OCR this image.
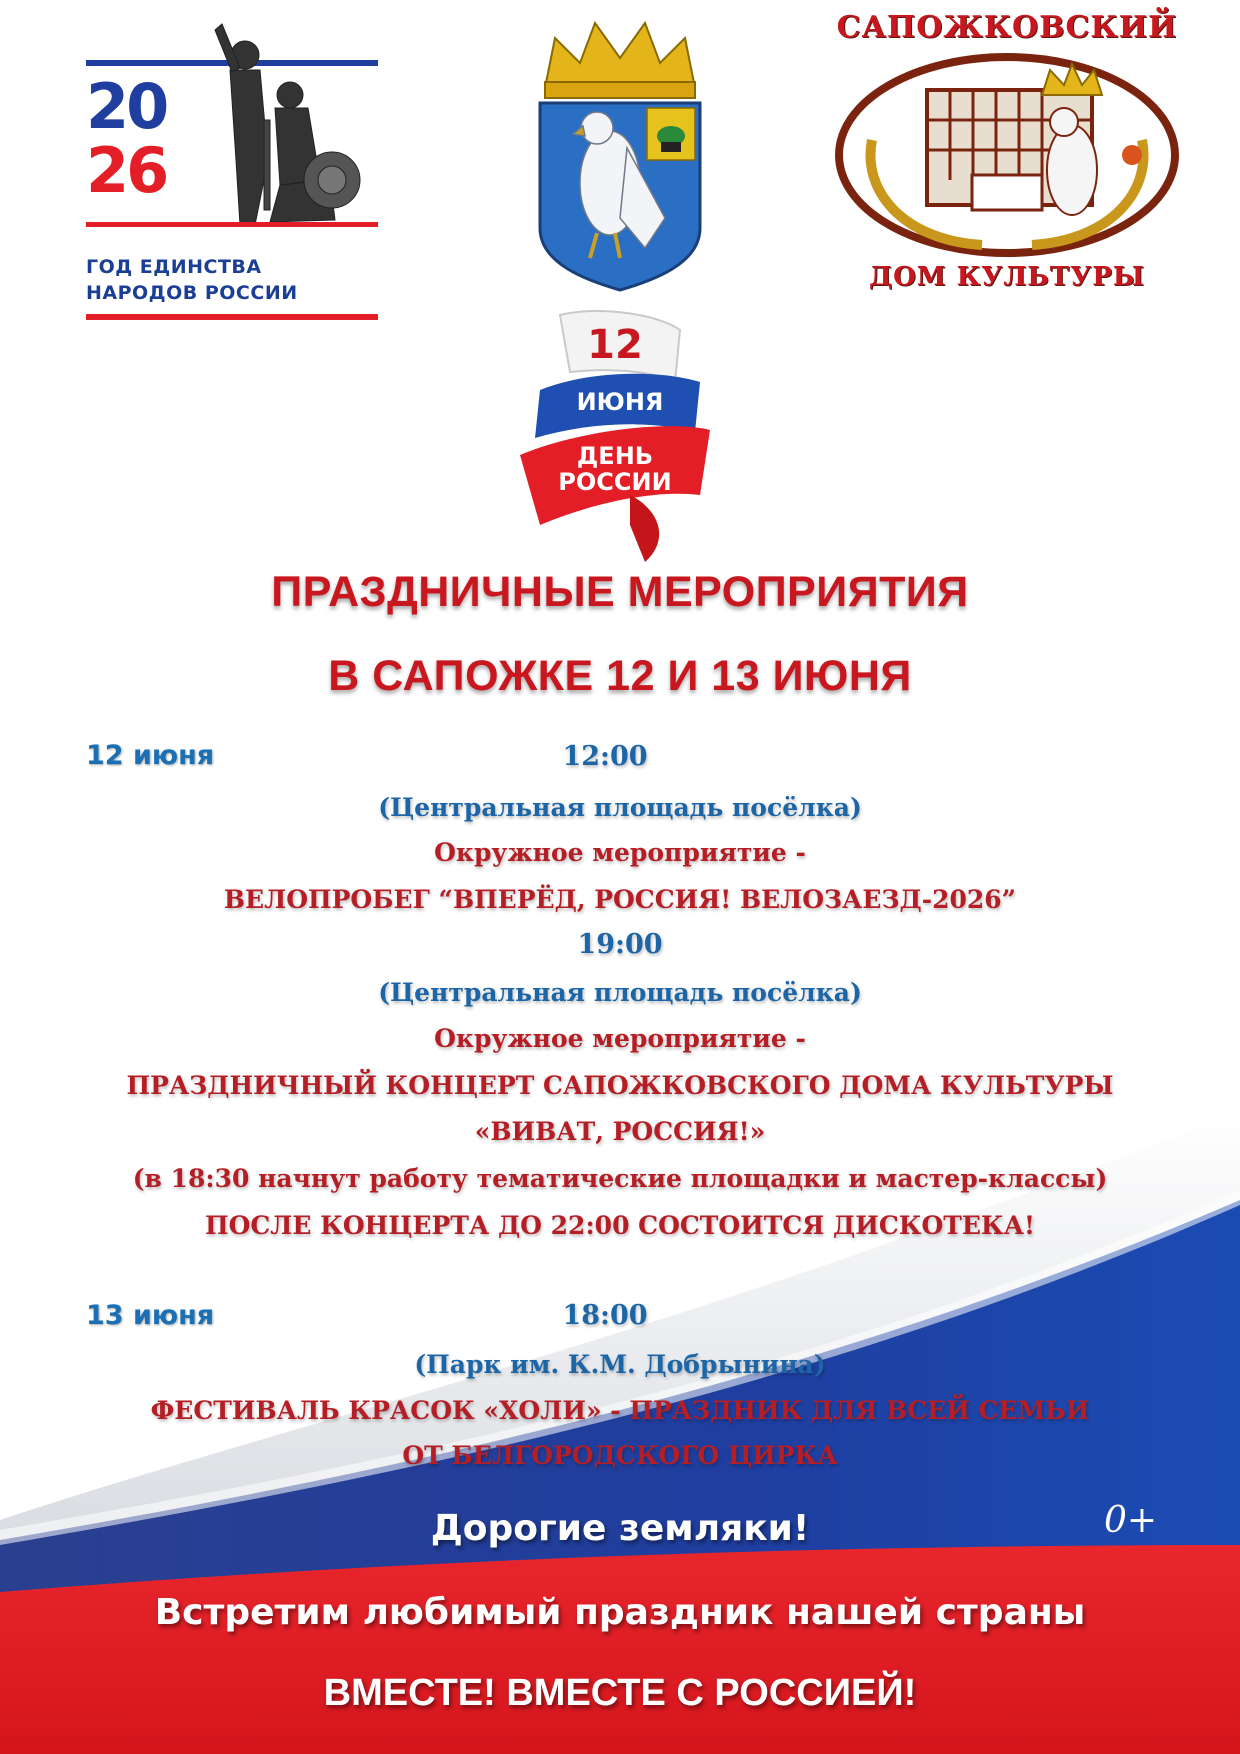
20
26
ГОД ЕДИНСТВА
НАРОДОВ РОССИИ
САПОЖКОВСКИЙ
ДОМ КУЛЬТУРЫ
12
ИЮНЯ
ДЕНЬ
РОССИИ
ПРАЗДНИЧНЫЕ МЕРОПРИЯТИЯ
В САПОЖКЕ 12 И 13 ИЮНЯ
12 июня	12:00
(Центральная площадь посёлка)
Окружное мероприятие -
ВЕЛОПРОБЕГ “ВПЕРЁД, РОССИЯ! ВЕЛОЗАЕЗД-2026”
19:00
(Центральная площадь посёлка)
Окружное мероприятие -
ПРАЗДНИЧНЫЙ КОНЦЕРТ САПОЖКОВСКОГО ДОМА КУЛЬТУРЫ
«ВИВАТ, РОССИЯ!»
(в 18:30 начнут работу тематические площадки и мастер-классы)
ПОСЛЕ КОНЦЕРТА ДО 22:00 СОСТОИТСЯ ДИСКОТЕКА!
13 июня	18:00
(Парк им. К.М. Добрынина)
ФЕСТИВАЛЬ КРАСОК «ХОЛИ» - ПРАЗДНИК ДЛЯ ВСЕЙ СЕМЬИ
ОТ БЕЛГОРОДСКОГО ЦИРКА
Дорогие земляки!	0+
Встретим любимый праздник нашей страны
ВМЕСТЕ! ВМЕСТЕ С РОССИЕЙ!
